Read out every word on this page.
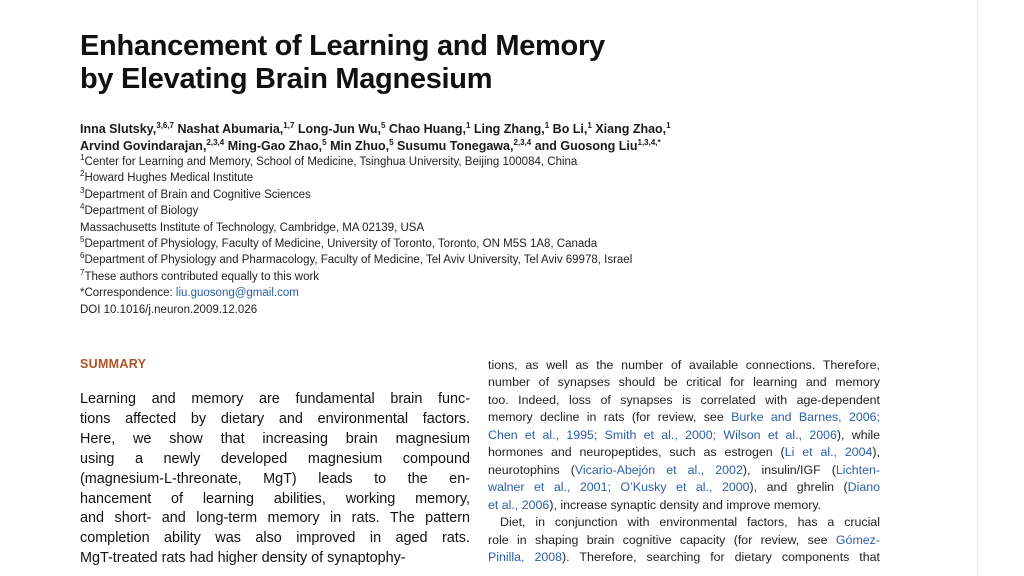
Enhancement of Learning and Memory
by Elevating Brain Magnesium
Inna Slutsky,$^{3,6,7}$ Nashat Abumaria,$^{1,7}$ Long-Jun Wu,$^5$ Chao Huang,$^1$ Ling Zhang,$^1$ Bo Li,$^1$ Xiang Zhao,$^1$
Arvind Govindarajan,$^{2,3,4}$ Ming-Gao Zhao,$^5$ Min Zhuo,$^5$ Susumu Tonegawa,$^{2,3,4}$ and Guosong Liu$^{1,3,4,*}$
$^1$Center for Learning and Memory, School of Medicine, Tsinghua University, Beijing 100084, China
$^2$Howard Hughes Medical Institute
$^3$Department of Brain and Cognitive Sciences
$^4$Department of Biology
Massachusetts Institute of Technology, Cambridge, MA 02139, USA
$^5$Department of Physiology, Faculty of Medicine, University of Toronto, Toronto, ON M5S 1A8, Canada
$^6$Department of Physiology and Pharmacology, Faculty of Medicine, Tel Aviv University, Tel Aviv 69978, Israel
$^7$These authors contributed equally to this work
*Correspondence: liu.guosong@gmail.com
DOI 10.1016/j.neuron.2009.12.026
SUMMARY
Learning and memory are fundamental brain func-
tions affected by dietary and environmental factors.
Here, we show that increasing brain magnesium
using a newly developed magnesium compound
(magnesium-L-threonate, MgT) leads to the en-
hancement of learning abilities, working memory,
and short- and long-term memory in rats. The pattern
completion ability was also improved in aged rats.
MgT-treated rats had higher density of synaptophy-
tions, as well as the number of available connections. Therefore,
number of synapses should be critical for learning and memory
too. Indeed, loss of synapses is correlated with age-dependent
memory decline in rats (for review, see Burke and Barnes, 2006;
Chen et al., 1995; Smith et al., 2000; Wilson et al., 2006), while
hormones and neuropeptides, such as estrogen (Li et al., 2004),
neurotophins (Vicario-Abejón et al., 2002), insulin/IGF (Lichten-
walner et al., 2001; O’Kusky et al., 2000), and ghrelin (Diano
et al., 2006), increase synaptic density and improve memory.
Diet, in conjunction with environmental factors, has a crucial
role in shaping brain cognitive capacity (for review, see Gómez-
Pinilla, 2008). Therefore, searching for dietary components that
